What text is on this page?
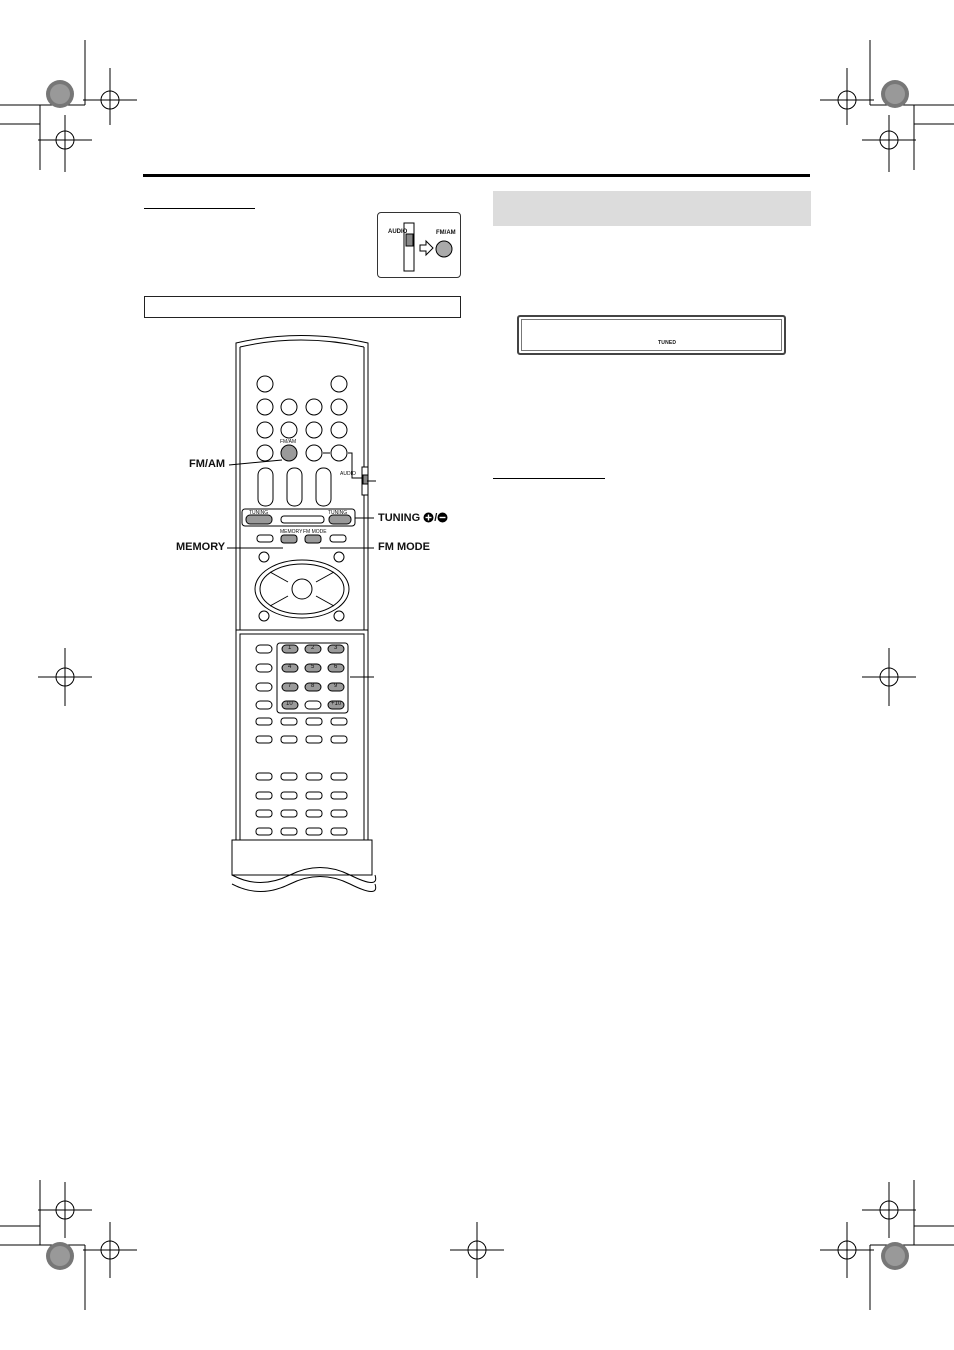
AUDIO	FM/AM
TUNED
FM/AM
AUDIO
TUNING	TUNING
MEMORY FM MODE
1	2	3
4	5	6
7	8	9
10	+10
FM/AM
MEMORY
TUNING /
FM MODE
